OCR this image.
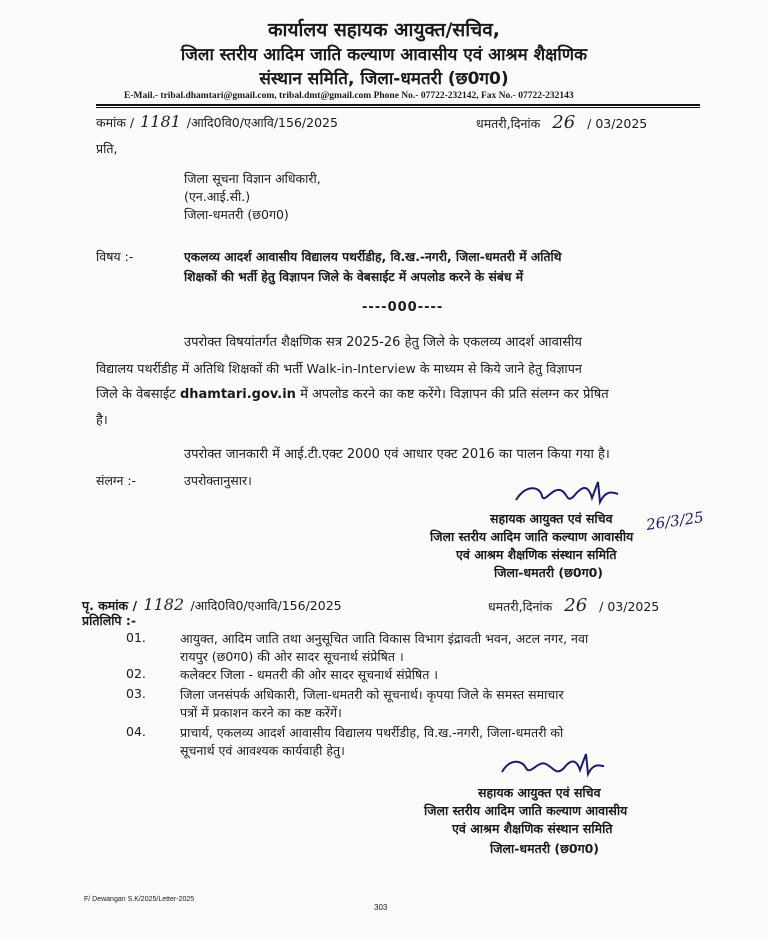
कार्यालय सहायक आयुक्त/सचिव,
जिला स्तरीय आदिम जाति कल्याण आवासीय एवं आश्रम शैक्षणिक
संस्थान समिति, जिला-धमतरी (छ0ग0)
E-Mail.- tribal.dhamtari@gmail.com, tribal.dmt@gmail.com Phone No.- 07722-232142, Fax No.- 07722-232143
कमांक / 1181 /आदि0वि0/एआवि/156/2025	धमतरी,दिनांक 26 / 03/2025
प्रति,
जिला सूचना विज्ञान अधिकारी,
(एन.आई.सी.)
जिला-धमतरी (छ0ग0)
विषय :-	एकलव्य आदर्श आवासीय विद्यालय पथर्रीडीह, वि.ख.-नगरी, जिला-धमतरी में अतिथि
शिक्षकों की भर्ती हेतु विज्ञापन जिले के वेबसाईट में अपलोड करने के संबंध में
----000----
उपरोक्त विषयांतर्गत शैक्षणिक सत्र 2025-26 हेतु जिले के एकलव्य आदर्श आवासीय
विद्यालय पथर्रीडीह में अतिथि शिक्षकों की भर्ती Walk-in-Interview के माध्यम से किये जाने हेतु विज्ञापन
जिले के वेबसाईट dhamtari.gov.in में अपलोड करने का कष्ट करेंगे। विज्ञापन की प्रति संलग्न कर प्रेषित
है।
उपरोक्त जानकारी में आई.टी.एक्ट 2000 एवं आधार एक्ट 2016 का पालन किया गया है।
संलग्न :-	उपरोक्तानुसार।
26/3/25
सहायक आयुक्त एवं सचिव
जिला स्तरीय आदिम जाति कल्याण आवासीय
एवं आश्रम शैक्षणिक संस्थान समिति
जिला-धमतरी (छ0ग0)
पृ. कमांक / 1182 /आदि0वि0/एआवि/156/2025	धमतरी,दिनांक 26 / 03/2025
प्रतिलिपि :-
01.	आयुक्त, आदिम जाति तथा अनुसूचित जाति विकास विभाग इंद्रावती भवन, अटल नगर, नवा
रायपुर (छ0ग0) की ओर सादर सूचनार्थ संप्रेषित ।
02.	कलेक्टर जिला - धमतरी की ओर सादर सूचनार्थ संप्रेषित ।
03.	जिला जनसंपर्क अधिकारी, जिला-धमतरी को सूचनार्थ। कृपया जिले के समस्त समाचार
पत्रों में प्रकाशन करने का कष्ट करेंगें।
04.	प्राचार्य, एकलव्य आदर्श आवासीय विद्यालय पथर्रीडीह, वि.ख.-नगरी, जिला-धमतरी को
सूचनार्थ एवं आवश्यक कार्यवाही हेतु।
सहायक आयुक्त एवं सचिव
जिला स्तरीय आदिम जाति कल्याण आवासीय
एवं आश्रम शैक्षणिक संस्थान समिति
जिला-धमतरी (छ0ग0)
F/ Dewangan S.K/2025/Letter-2025
303
